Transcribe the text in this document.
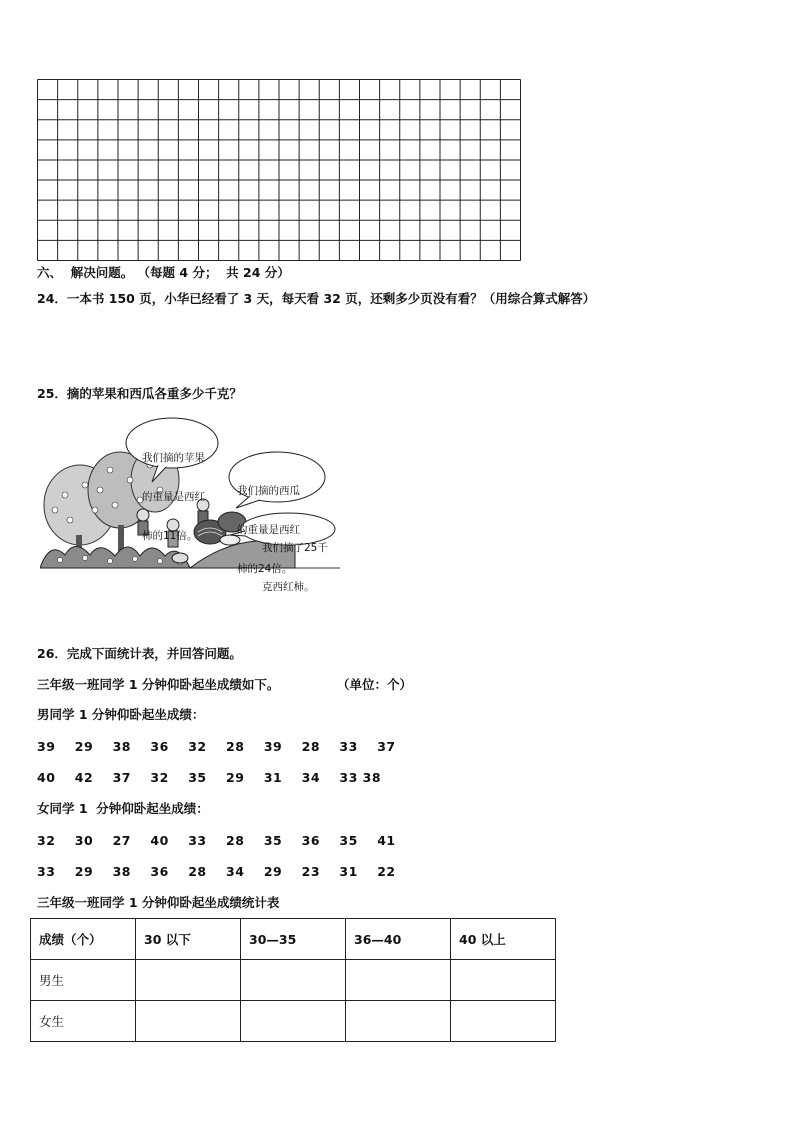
六、  解决问题。 （每题 4 分；  共 24 分）
24．一本书 150 页，小华已经看了 3 天，每天看 32 页，还剩多少页没有看？（用综合算式解答）
25．摘的苹果和西瓜各重多少千克？

我们摘的苹果

的重量是西红

柿的11倍。

我们摘的西瓜

的重量是西红

柿的24倍。

我们摘了25千

克西红柿。

26．完成下面统计表，并回答问题。
三年级一班同学 1 分钟仰卧起坐成绩如下。	（单位：个）
男同学 1 分钟仰卧起坐成绩：
39    29    38    36    32    28    39    28    33    37
40    42    37    32    35    29    31    34    33 38
女同学 1  分钟仰卧起坐成绩：
32    30    27    40    33    28    35    36    35    41
33    29    38    36    28    34    29    23    31    22
三年级一班同学 1 分钟仰卧起坐成绩统计表
成绩（个）	30 以下	30—35	36—40	40 以上
男生				
女生				
